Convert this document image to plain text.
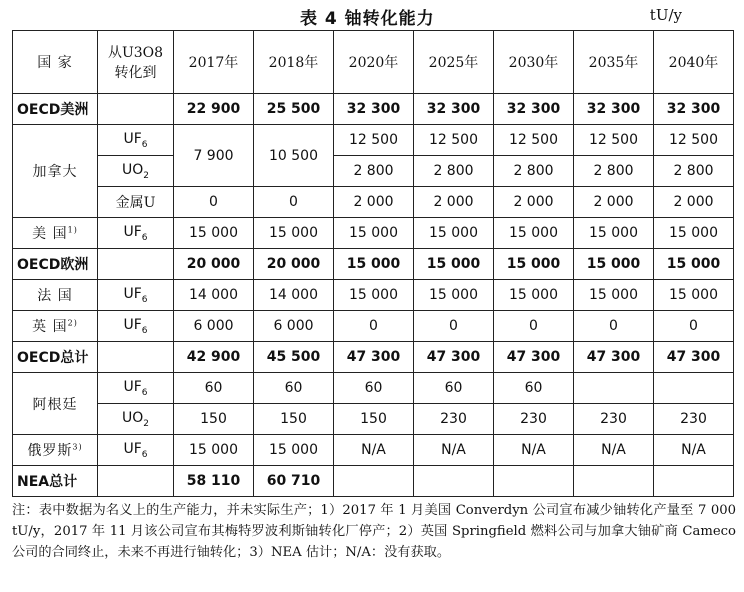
表 4 铀转化能力	tU/y
国 家	从U3O8
转化到	2017年	2018年	2020年	2025年	2030年	2035年	2040年
OECD美洲		22 900	25 500	32 300	32 300	32 300	32 300	32 300
加拿大	$UF_6$	7 900	10 500	12 500	12 500	12 500	12 500	12 500
	$UO_2$			2 800	2 800	2 800	2 800	2 800
	金属U	0	0	2 000	2 000	2 000	2 000	2 000
美 国$^{1)}$	$UF_6$	15 000	15 000	15 000	15 000	15 000	15 000	15 000
OECD欧洲		20 000	20 000	15 000	15 000	15 000	15 000	15 000
法 国	$UF_6$	14 000	14 000	15 000	15 000	15 000	15 000	15 000
英 国$^{2)}$	$UF_6$	6 000	6 000	0	0	0	0	0
OECD总计		42 900	45 500	47 300	47 300	47 300	47 300	47 300
阿根廷	$UF_6$	60	60	60	60	60		
	$UO_2$	150	150	150	230	230	230	230
俄罗斯$^{3)}$	$UF_6$	15 000	15 000	N/A	N/A	N/A	N/A	N/A
NEA总计		58 110	60 710					
注：表中数据为名义上的生产能力，并未实际生产；1）2017 年 1 月美国 Converdyn 公司宣布减少铀转化产量至 7 000 tU/y，2017 年 11 月该公司宣布其梅特罗波利斯铀转化厂停产；2）英国 Springfield 燃料公司与加拿大铀矿商 Cameco 公司的合同终止，未来不再进行铀转化；3）NEA 估计；N/A：没有获取。
